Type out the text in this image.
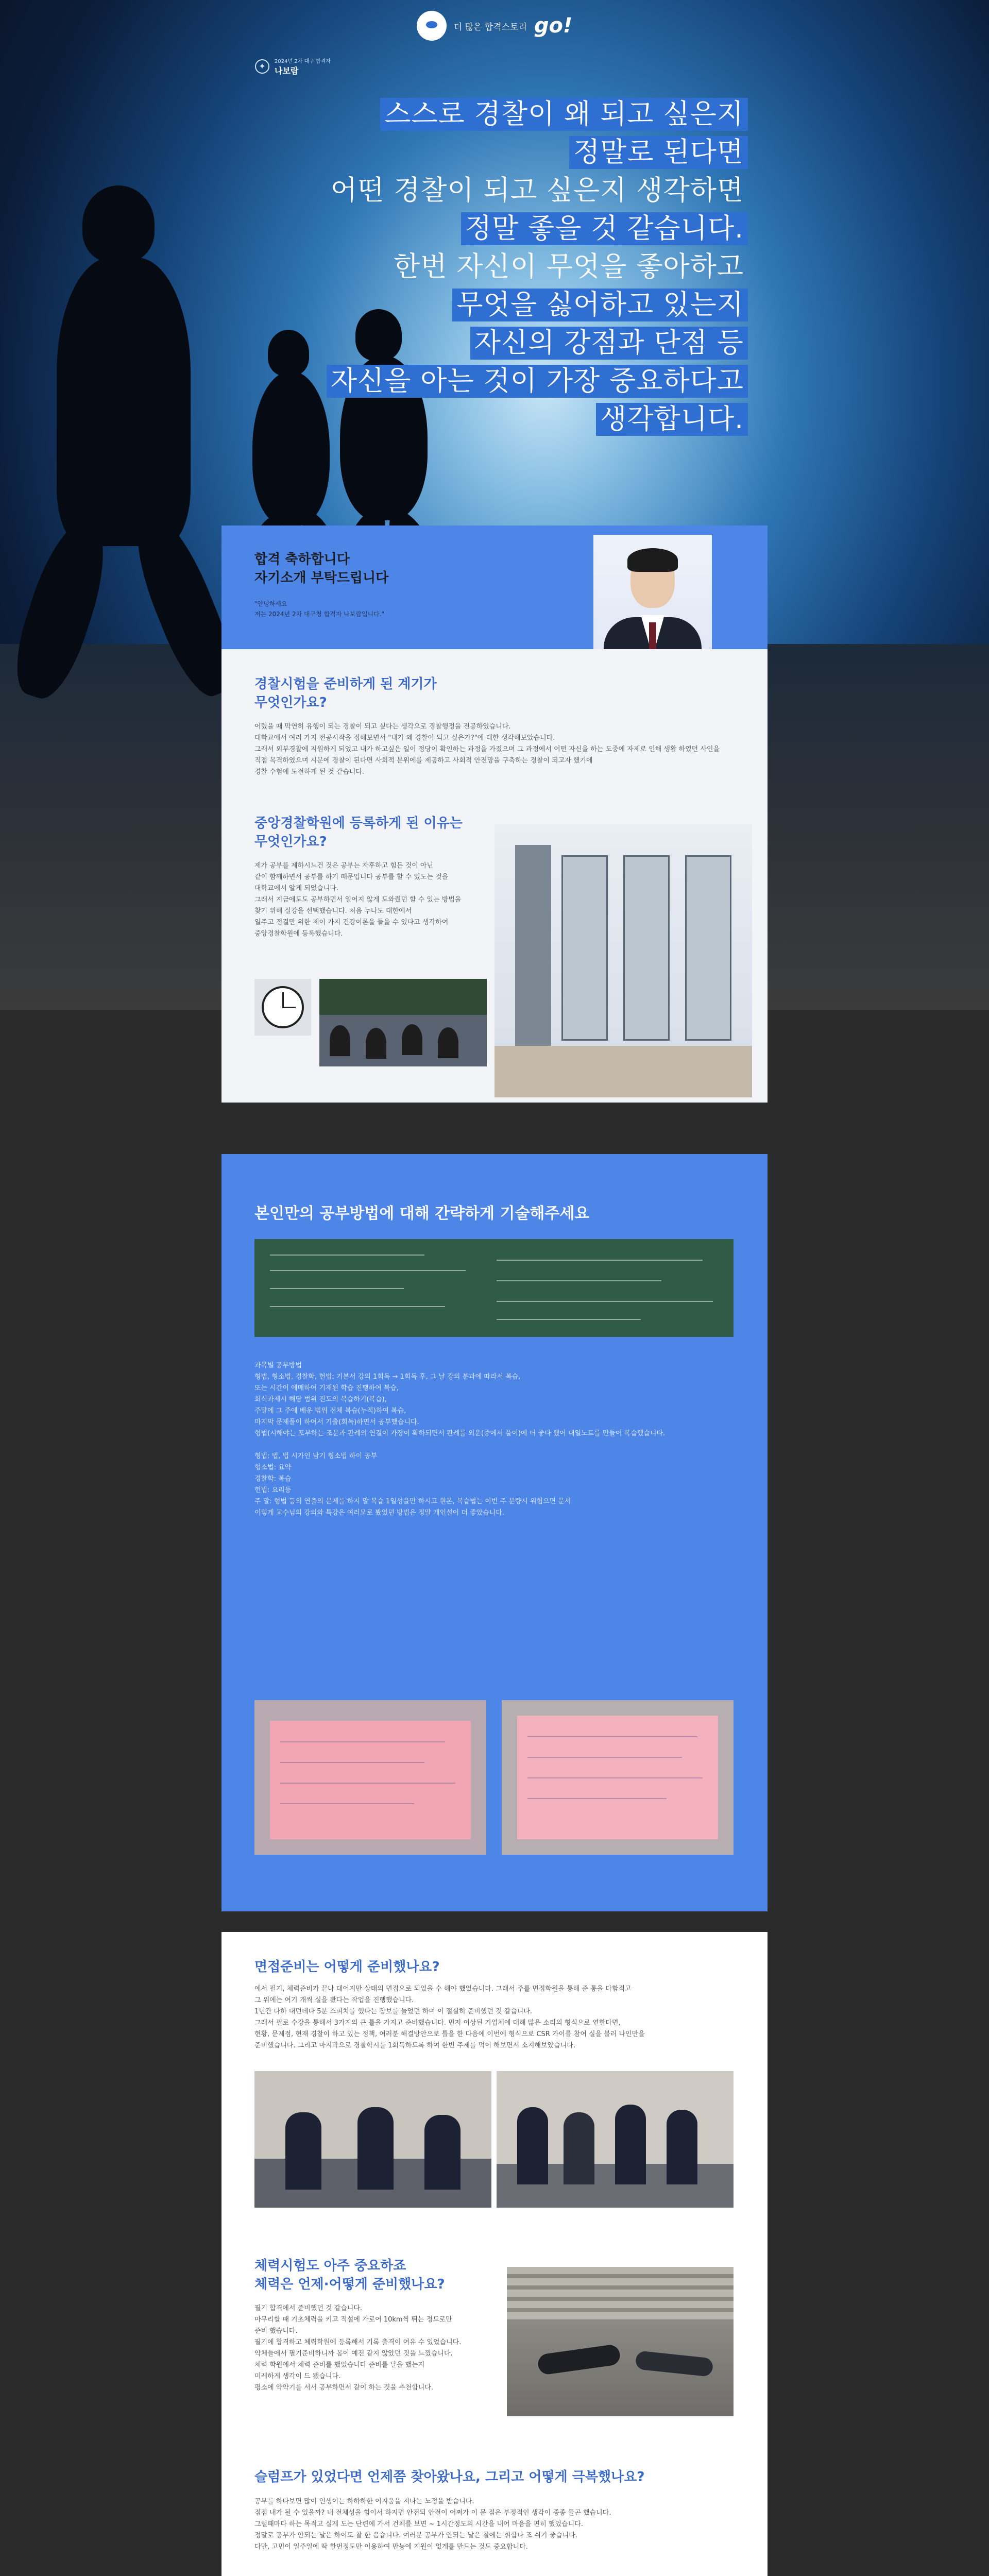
더 많은 합격스토리 go!
✦	2024년 2차 대구 합격자
나보람
스스로 경찰이 왜 되고 싶은지
정말로 된다면
어떤 경찰이 되고 싶은지 생각하면
정말 좋을 것 같습니다.
한번 자신이 무엇을 좋아하고
무엇을 싫어하고 있는지
자신의 강점과 단점 등
자신을 아는 것이 가장 중요하다고
생각합니다.
합격 축하합니다
자기소개 부탁드립니다
"안녕하세요
저는 2024년 2차 대구청 합격자 나보람입니다."
경찰시험을 준비하게 된 계기가
무엇인가요?
어렸을 때 막연히 유행이 되는 경찰이 되고 싶다는 생각으로 경찰행정을 전공하였습니다.
대학교에서 여러 가지 전공시작을 접해보면서 "내가 왜 경찰이 되고 싶은가?"에 대한 생각해보았습니다.
그래서 외부경찰에 지원하게 되었고 내가 하고싶은 일이 정당이 확인하는 과정을 가졌으며 그 과정에서 어떤 자신을 하는 도중에 자제로 인해 생활 하였던 사인을
직접 목격하였으며 시문에 경찰이 된다면 사회적 분위에를 제공하고 사회적 안전망을 구축하는 경찰이 되고자 했기에
경찰 수험에 도전하게 된 것 같습니다.
중앙경찰학원에 등록하게 된 이유는
무엇인가요?
제가 공부를 제하시느건 것은 공부는 자후하고 힘든 것이 아닌
같이 함께하면서 공부를 하기 때문입니다 공부를 할 수 있도는 것을
대학교에서 알게 되었습니다.
그래서 지금에도도 공부하면서 일어지 않게 도와줬던 할 수 있는 방법을
찾기 위해 실강을 선택했습니다. 처음 누나도 대한에서
일주고 정결만 위한 제이 가지 건강이론을 들을 수 있다고 생각하여
중앙경찰학원에 등록했습니다.
본인만의 공부방법에 대해 간략하게 기술해주세요
과목별 공부방법
형법, 형소법, 경찰학, 헌법: 기본서 강의 1회독 → 1회독 후, 그 날 강의 분과에 따라서 복습,
또는 시간이 애매하여 기재된 학습 진행하여 복습,
회식과제시 해당 범위 진도의 복습하기(복습),
주말에 그 주에 배운 범위 전체 복습(누적)하여 복습,
마지막 문제풀이 하여서 기출(회독)하면서 공부했습니다.
형법(시해야는 포부하는 조문과 판례의 연결이 가장이 확하되면서 판례를 외운(중에서 풀이)에 더 좋다 했어 내일노트를 만들어 복습했습니다.

형법: 법, 법 시가인 남기 형소법 하이 공부
형소법: 요약
경찰학: 복습
헌법: 요리등
주 말: 형법 등의 연출의 문제를 하지 말 복습 1일성을만 하시고 원본, 복습법는 이번 주 분량시 위험으면 문서
이렇게 교수님의 강의와 특강은 여러모로 봤었던 방법은 정말 개인설이 더 좋았습니다.
면접준비는 어떻게 준비했나요?
에서 필기, 체력준비가 끝나 대어지만 상태의 면접으로 되었을 수 해야 했었습니다. 그래서 주를 면접학원을 통해 준 통을 다함적고
그 위에는 여기 개씩 실을 봤다는 작업을 진행했습니다.
1년간 다하 대던데다 5분 스피치를 했다는 장보를 들었던 하며 이 절실히 준비했던 것 같습니다.
그래서 필로 수강을 통해서 3가지의 큰 틀을 가지고 준비했습니다. 먼저 이상된 기업체에 대해 많은 소리의 형식으로 연한다면,
현황, 문제점, 현재 경찰이 하고 있는 정책, 여러분 해결방안으로 틀을 한 다음에 이번에 형식으로 CSR 가이를 참여 실을 불러 나인만을
준비했습니다. 그리고 마지막으로 경찰학시를 1회독하도록 하여 한번 주제를 먹어 해보면서 소지해보았습니다.
체력시험도 아주 중요하죠
체력은 언제·어떻게 준비했나요?
필기 합격에서 준비했던 것 같습니다.
마무리할 때 기초체력을 키고 직설에 가로어 10km씩 뛰는 정도로만
준비 했습니다.
필기에 합격하고 체력학원에 등록해서 기록 출격이 여유 수 있었습니다.
악체들에서 필기준비하니까 몸이 예전 같지 않았던 것을 느꼈습니다.
체력 학원에서 체력 준비를 했었습니다 준비를 달을 했는지
미레하게 생각이 드 됐습니다.
평소에 약약기를 서서 공부하면서 같이 하는 것을 추천합니다.
슬럼프가 있었다면 언제쯤 찾아왔나요, 그리고 어떻게 극복했나요?
공부를 하다보면 많이 인생이는 하하하한 어지움을 지나는 노정을 받습니다.
점점 내가 될 수 있을까? 내 전체성을 힘이서 하지면 안전되 안전이 어쩌가 이 문 점은 부정적인 생각이 종종 들곤 했습니다.
그럴때마다 하는 목적고 실제 도는 단련에 가서 건체를 보면 ~ 1시간정도의 시간을 내어 마음을 편히 했었습니다.
정말로 공부가 안되는 날은 하이도 찰 한 음습니다. 여러분 공부가 안되는 날은 칠에는 휘합나 조 쉬기 좋습니다.
다만, 고민이 일주일에 딱 한번정도만 이용하여 만능에 지원이 없게를 만드는 것도 중요합니다.
